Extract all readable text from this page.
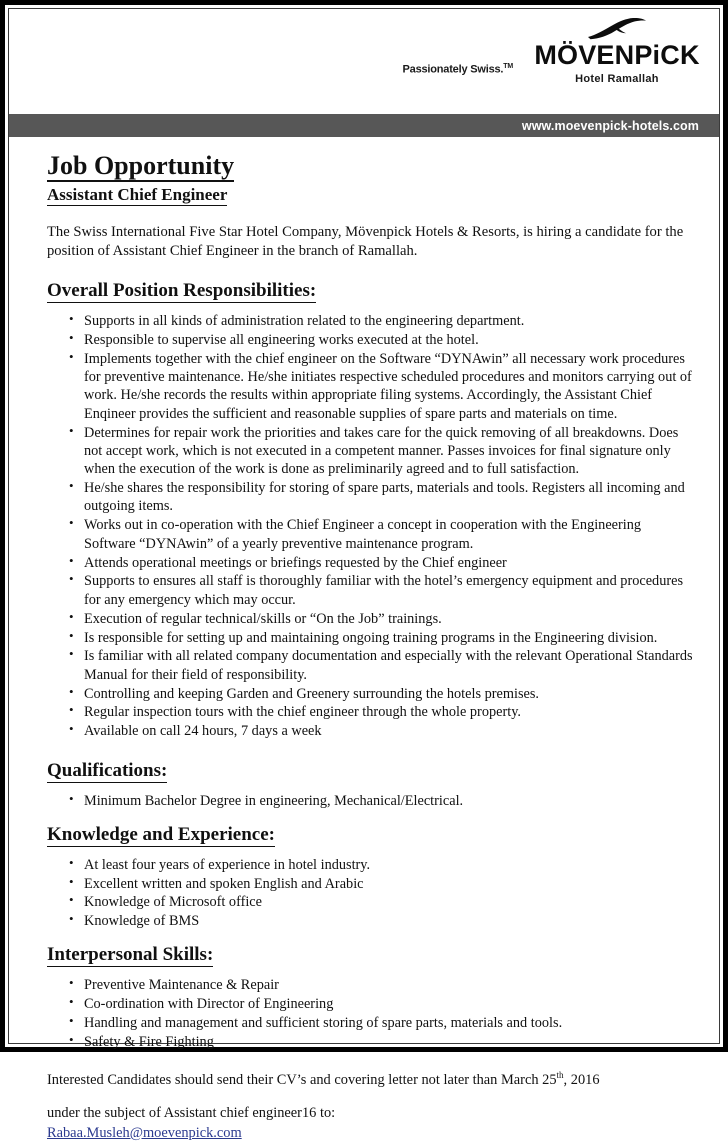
Passionately Swiss.™ MÖVENPiCK
Hotel Ramallah
www.moevenpick-hotels.com
Job Opportunity
Assistant Chief Engineer

The Swiss International Five Star Hotel Company, Mövenpick Hotels & Resorts, is hiring a candidate for the position of Assistant Chief Engineer in the branch of Ramallah.

Overall Position Responsibilities:
• Supports in all kinds of administration related to the engineering department.
• Responsible to supervise all engineering works executed at the hotel.
• Implements together with the chief engineer on the Software “DYNAwin” all necessary work procedures for preventive maintenance. He/she initiates respective scheduled procedures and monitors carrying out of work. He/she records the results within appropriate filing systems. Accordingly, the Assistant Chief Enqineer provides the sufficient and reasonable supplies of spare parts and materials on time.
• Determines for repair work the priorities and takes care for the quick removing of all breakdowns. Does not accept work, which is not executed in a competent manner. Passes invoices for final signature only when the execution of the work is done as preliminarily agreed and to full satisfaction.
• He/she shares the responsibility for storing of spare parts, materials and tools. Registers all incoming and outgoing items.
• Works out in co-operation with the Chief Engineer a concept in cooperation with the Engineering Software “DYNAwin” of a yearly preventive maintenance program.
• Attends operational meetings or briefings requested by the Chief engineer
• Supports to ensures all staff is thoroughly familiar with the hotel’s emergency equipment and procedures for any emergency which may occur.
• Execution of regular technical/skills or “On the Job” trainings.
• Is responsible for setting up and maintaining ongoing training programs in the Engineering division.
• Is familiar with all related company documentation and especially with the relevant Operational Standards Manual for their field of responsibility.
• Controlling and keeping Garden and Greenery surrounding the hotels premises.
• Regular inspection tours with the chief engineer through the whole property.
• Available on call 24 hours, 7 days a week
Qualifications:
• Minimum Bachelor Degree in engineering, Mechanical/Electrical.
Knowledge and Experience:
• At least four years of experience in hotel industry.
• Excellent written and spoken English and Arabic
• Knowledge of Microsoft office
• Knowledge of BMS
Interpersonal Skills:
• Preventive Maintenance & Repair
• Co-ordination with Director of Engineering
• Handling and management and sufficient storing of spare parts, materials and tools.
• Safety & Fire Fighting

Interested Candidates should send their CV’s and covering letter not later than March 25th, 2016

under the subject of Assistant chief engineer16 to:
Rabaa.Musleh@moevenpick.com
